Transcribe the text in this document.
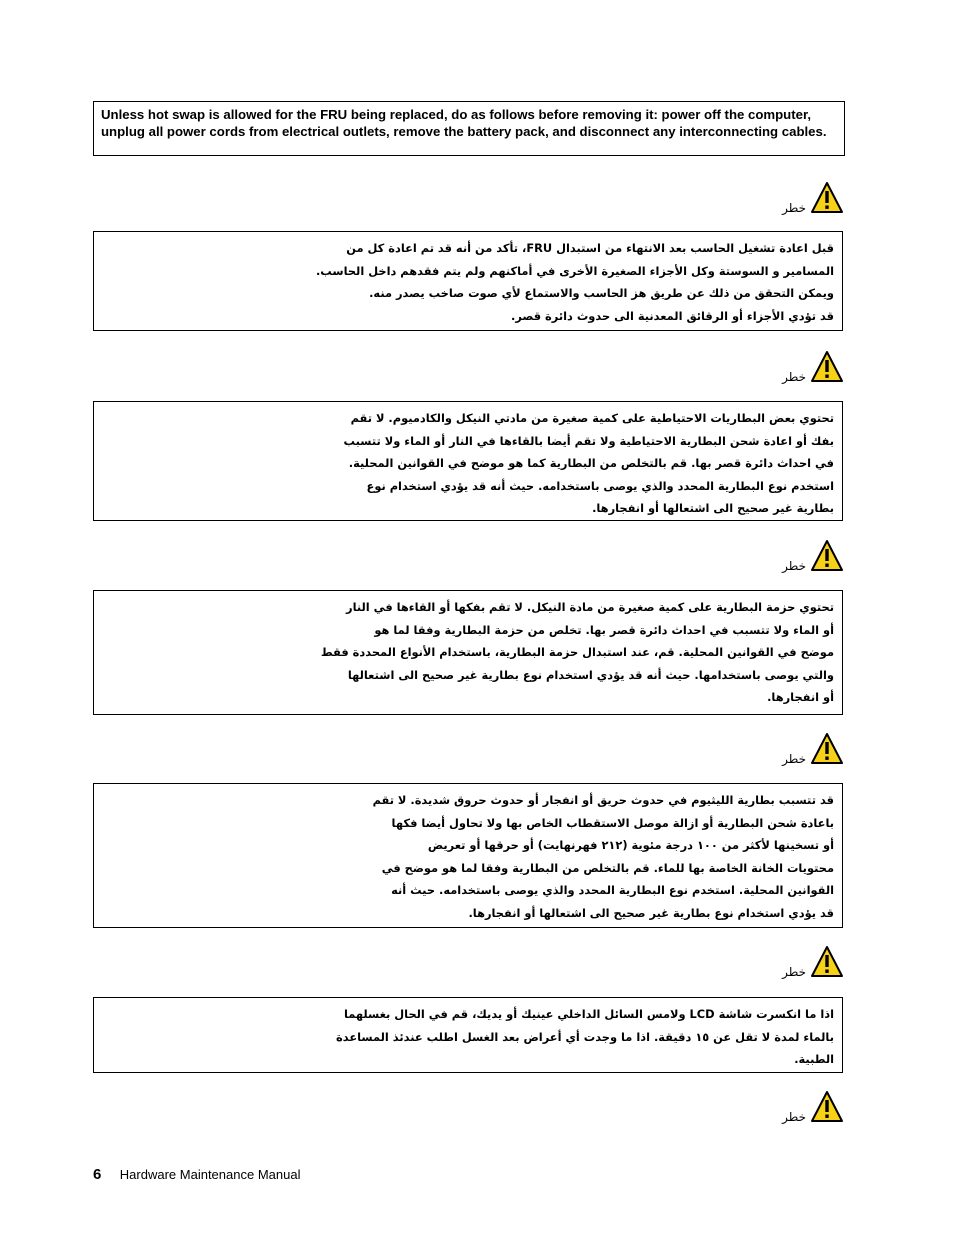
Unless hot swap is allowed for the FRU being replaced, do as follows before removing it: power off the computer, unplug all power cords from electrical outlets, remove the battery pack, and disconnect any interconnecting cables.
خطر
قبل اعادة تشغيل الحاسب بعد الانتهاء من استبدال FRU، تأكد من أنه قد تم اعادة كل من
المسامير و السوستة وكل الأجزاء الصغيرة الأخرى في أماكنهم ولم يتم فقدهم داخل الحاسب.
ويمكن التحقق من ذلك عن طريق هز الحاسب والاستماع لأي صوت صاخب يصدر منه.
قد تؤدي الأجزاء أو الرقائق المعدنية الى حدوث دائرة قصر.
خطر
تحتوي بعض البطاريات الاحتياطية على كمية صغيرة من مادتي النيكل والكادميوم. لا تقم
بفك أو اعادة شحن البطارية الاحتياطية ولا تقم أيضا بالقاءها في النار أو الماء ولا تتسبب
في احداث دائرة قصر بها. قم بالتخلص من البطارية كما هو موضح في القوانين المحلية.
استخدم نوع البطارية المحدد والذي يوصى باستخدامه. حيث أنه قد يؤدي استخدام نوع
بطارية غير صحيح الى اشتعالها أو انفجارها.
خطر
تحتوي حزمة البطارية على كمية صغيرة من مادة النيكل. لا تقم بفكها أو القاءها في النار
أو الماء ولا تتسبب في احداث دائرة قصر بها. تخلص من حزمة البطارية وفقا لما هو
موضح في القوانين المحلية. قم، عند استبدال حزمة البطارية، باستخدام الأنواع المحددة فقط
والتي يوصى باستخدامها. حيث أنه قد يؤدي استخدام نوع بطارية غير صحيح الى اشتعالها
أو انفجارها.
خطر
قد تتسبب بطارية الليثيوم في حدوث حريق أو انفجار أو حدوث حروق شديدة. لا تقم
باعادة شحن البطارية أو ازالة موصل الاستقطاب الخاص بها ولا تحاول أيضا فكها
أو تسخينها لأكثر من ١٠٠ درجة مئوية (٢١٢ فهرنهايت) أو حرقها أو تعريض
محتويات الخانة الخاصة بها للماء. قم بالتخلص من البطارية وفقا لما هو موضح في
القوانين المحلية. استخدم نوع البطارية المحدد والذي يوصى باستخدامه. حيث أنه
قد يؤدي استخدام نوع بطارية غير صحيح الى اشتعالها أو انفجارها.
خطر
اذا ما انكسرت شاشة LCD ولامس السائل الداخلي عينيك أو يديك، قم في الحال بغسلهما
بالماء لمدة لا تقل عن ١٥ دقيقة. اذا ما وجدت أي أعراض بعد الغسل اطلب عندئذ المساعدة
الطبية.
خطر
6 Hardware Maintenance Manual
